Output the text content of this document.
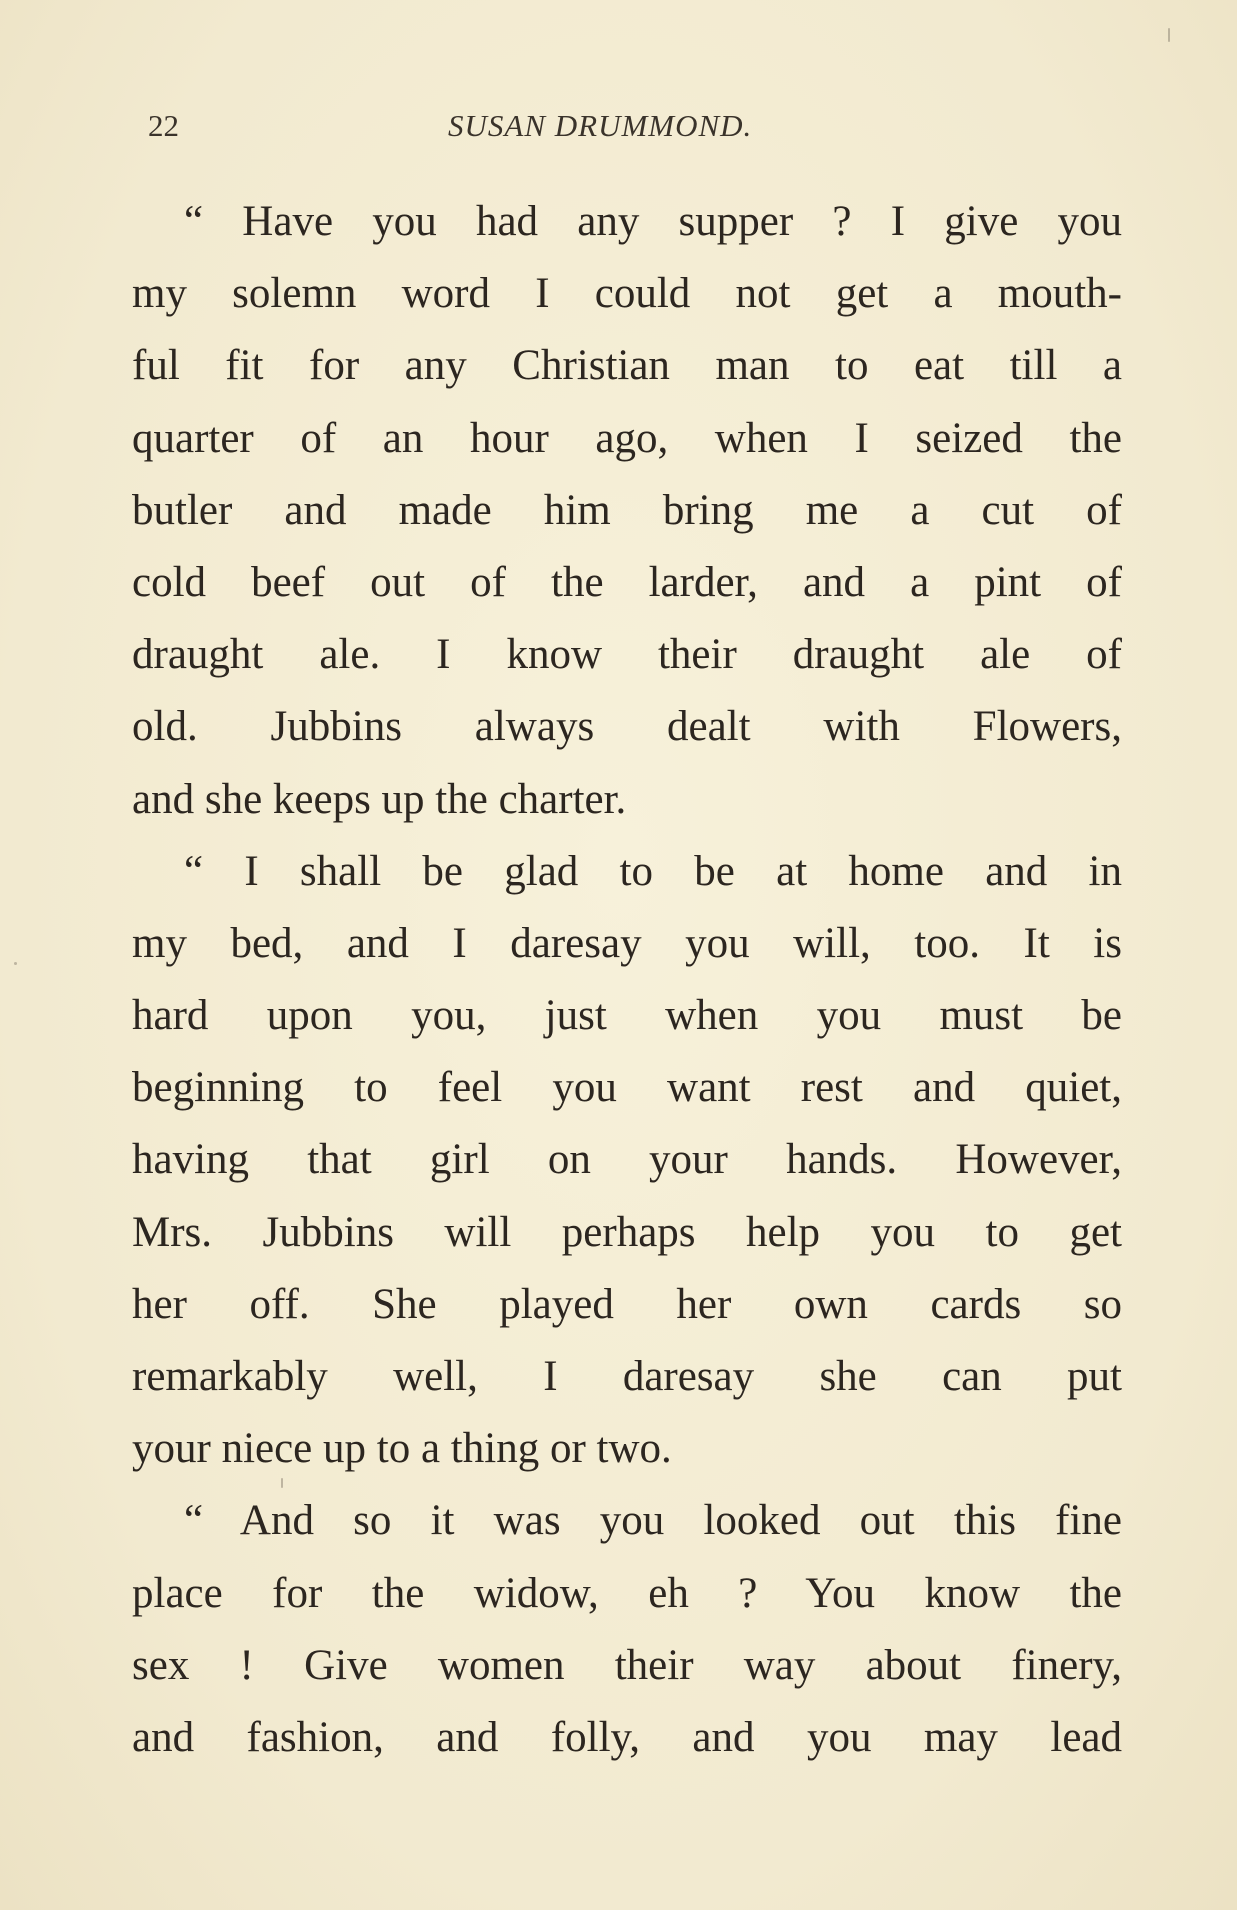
22	SUSAN DRUMMOND.
“ Have you had any supper ? I give you
my solemn word I could not get a mouth-
ful fit for any Christian man to eat till a
quarter of an hour ago, when I seized the
butler and made him bring me a cut of
cold beef out of the larder, and a pint of
draught ale. I know their draught ale of
old. Jubbins always dealt with Flowers,
and she keeps up the charter.
“ I shall be glad to be at home and in
my bed, and I daresay you will, too. It is
hard upon you, just when you must be
beginning to feel you want rest and quiet,
having that girl on your hands. However,
Mrs. Jubbins will perhaps help you to get
her off. She played her own cards so
remarkably well, I daresay she can put
your niece up to a thing or two.
“ And so it was you looked out this fine
place for the widow, eh ? You know the
sex ! Give women their way about finery,
and fashion, and folly, and you may lead
